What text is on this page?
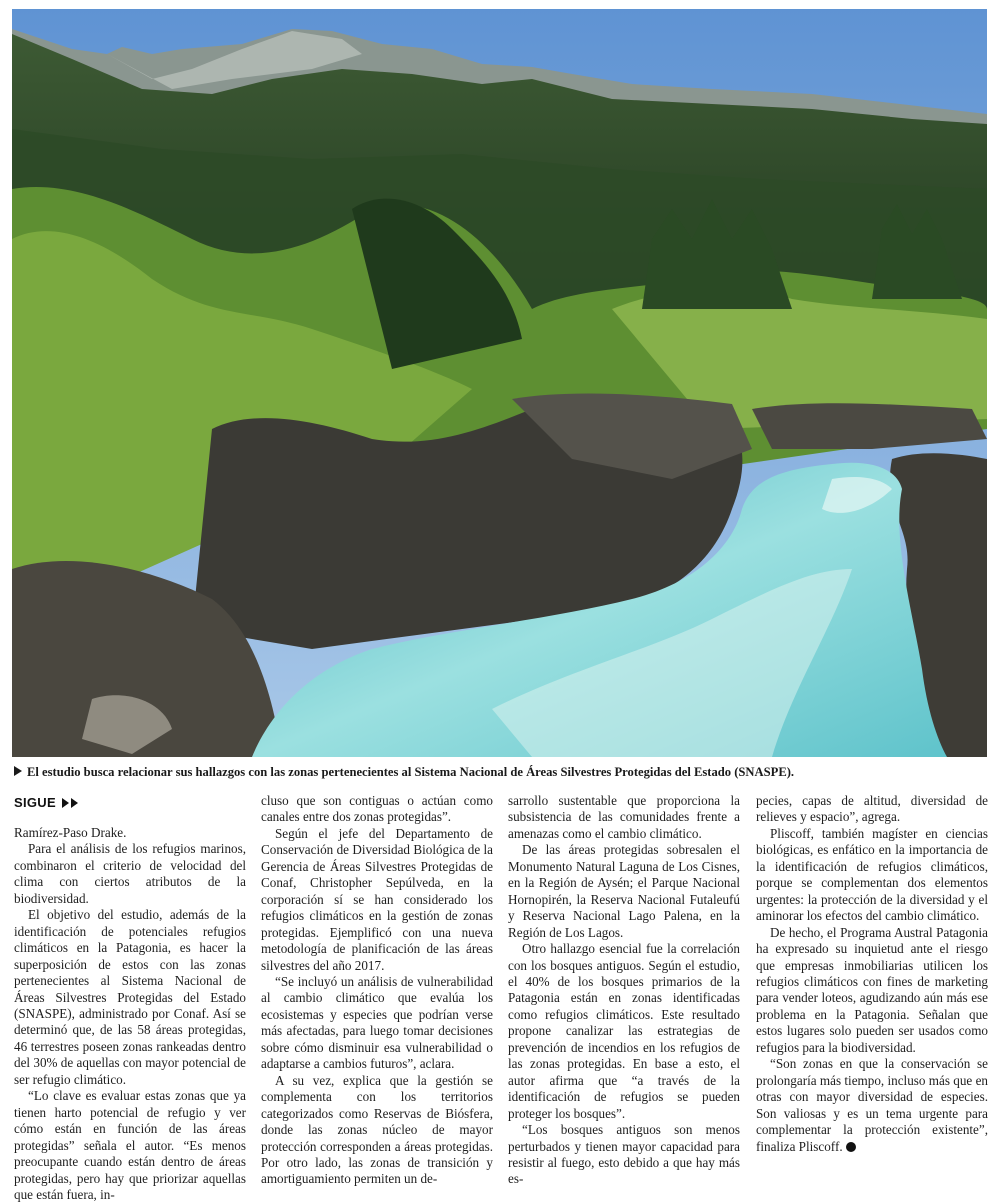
El estudio busca relacionar sus hallazgos con las zonas pertenecientes al Sistema Nacional de Áreas Silvestres Protegidas del Estado (SNASPE).
SIGUE

Ramírez-Paso Drake.

Para el análisis de los refugios marinos, combinaron el criterio de velocidad del clima con ciertos atributos de la biodiversidad.

El objetivo del estudio, además de la identificación de potenciales refugios climáticos en la Patagonia, es hacer la superposición de estos con las zonas pertenecientes al Sistema Nacional de Áreas Silvestres Protegidas del Estado (SNASPE), administrado por Conaf. Así se determinó que, de las 58 áreas protegidas, 46 terrestres poseen zonas rankeadas dentro del 30% de aquellas con mayor potencial de ser refugio climático.

“Lo clave es evaluar estas zonas que ya tienen harto potencial de refugio y ver cómo están en función de las áreas protegidas” señala el autor. “Es menos preocupante cuando están dentro de áreas protegidas, pero hay que priorizar aquellas que están fuera, in-

cluso que son contiguas o actúan como canales entre dos zonas protegidas”.

Según el jefe del Departamento de Conservación de Diversidad Biológica de la Gerencia de Áreas Silvestres Protegidas de Conaf, Christopher Sepúlveda, en la corporación sí se han considerado los refugios climáticos en la gestión de zonas protegidas. Ejemplificó con una nueva metodología de planificación de las áreas silvestres del año 2017.

“Se incluyó un análisis de vulnerabilidad al cambio climático que evalúa los ecosistemas y especies que podrían verse más afectadas, para luego tomar decisiones sobre cómo disminuir esa vulnerabilidad o adaptarse a cambios futuros”, aclara.

A su vez, explica que la gestión se complementa con los territorios categorizados como Reservas de Biósfera, donde las zonas núcleo de mayor protección corresponden a áreas protegidas. Por otro lado, las zonas de transición y amortiguamiento permiten un de-

sarrollo sustentable que proporciona la subsistencia de las comunidades frente a amenazas como el cambio climático.

De las áreas protegidas sobresalen el Monumento Natural Laguna de Los Cisnes, en la Región de Aysén; el Parque Nacional Hornopirén, la Reserva Nacional Futaleufú y Reserva Nacional Lago Palena, en la Región de Los Lagos.

Otro hallazgo esencial fue la correlación con los bosques antiguos. Según el estudio, el 40% de los bosques primarios de la Patagonia están en zonas identificadas como refugios climáticos. Este resultado propone canalizar las estrategias de prevención de incendios en los refugios de las zonas protegidas. En base a esto, el autor afirma que “a través de la identificación de refugios se pueden proteger los bosques”.

“Los bosques antiguos son menos perturbados y tienen mayor capacidad para resistir al fuego, esto debido a que hay más es-

pecies, capas de altitud, diversidad de relieves y espacio”, agrega.

Pliscoff, también magíster en ciencias biológicas, es enfático en la importancia de la identificación de refugios climáticos, porque se complementan dos elementos urgentes: la protección de la diversidad y el aminorar los efectos del cambio climático.

De hecho, el Programa Austral Patagonia ha expresado su inquietud ante el riesgo que empresas inmobiliarias utilicen los refugios climáticos con fines de marketing para vender loteos, agudizando aún más ese problema en la Patagonia. Señalan que estos lugares solo pueden ser usados como refugios para la biodiversidad.

“Son zonas en que la conservación se prolongaría más tiempo, incluso más que en otras con mayor diversidad de especies. Son valiosas y es un tema urgente para complementar la protección existente”, finaliza Pliscoff.
